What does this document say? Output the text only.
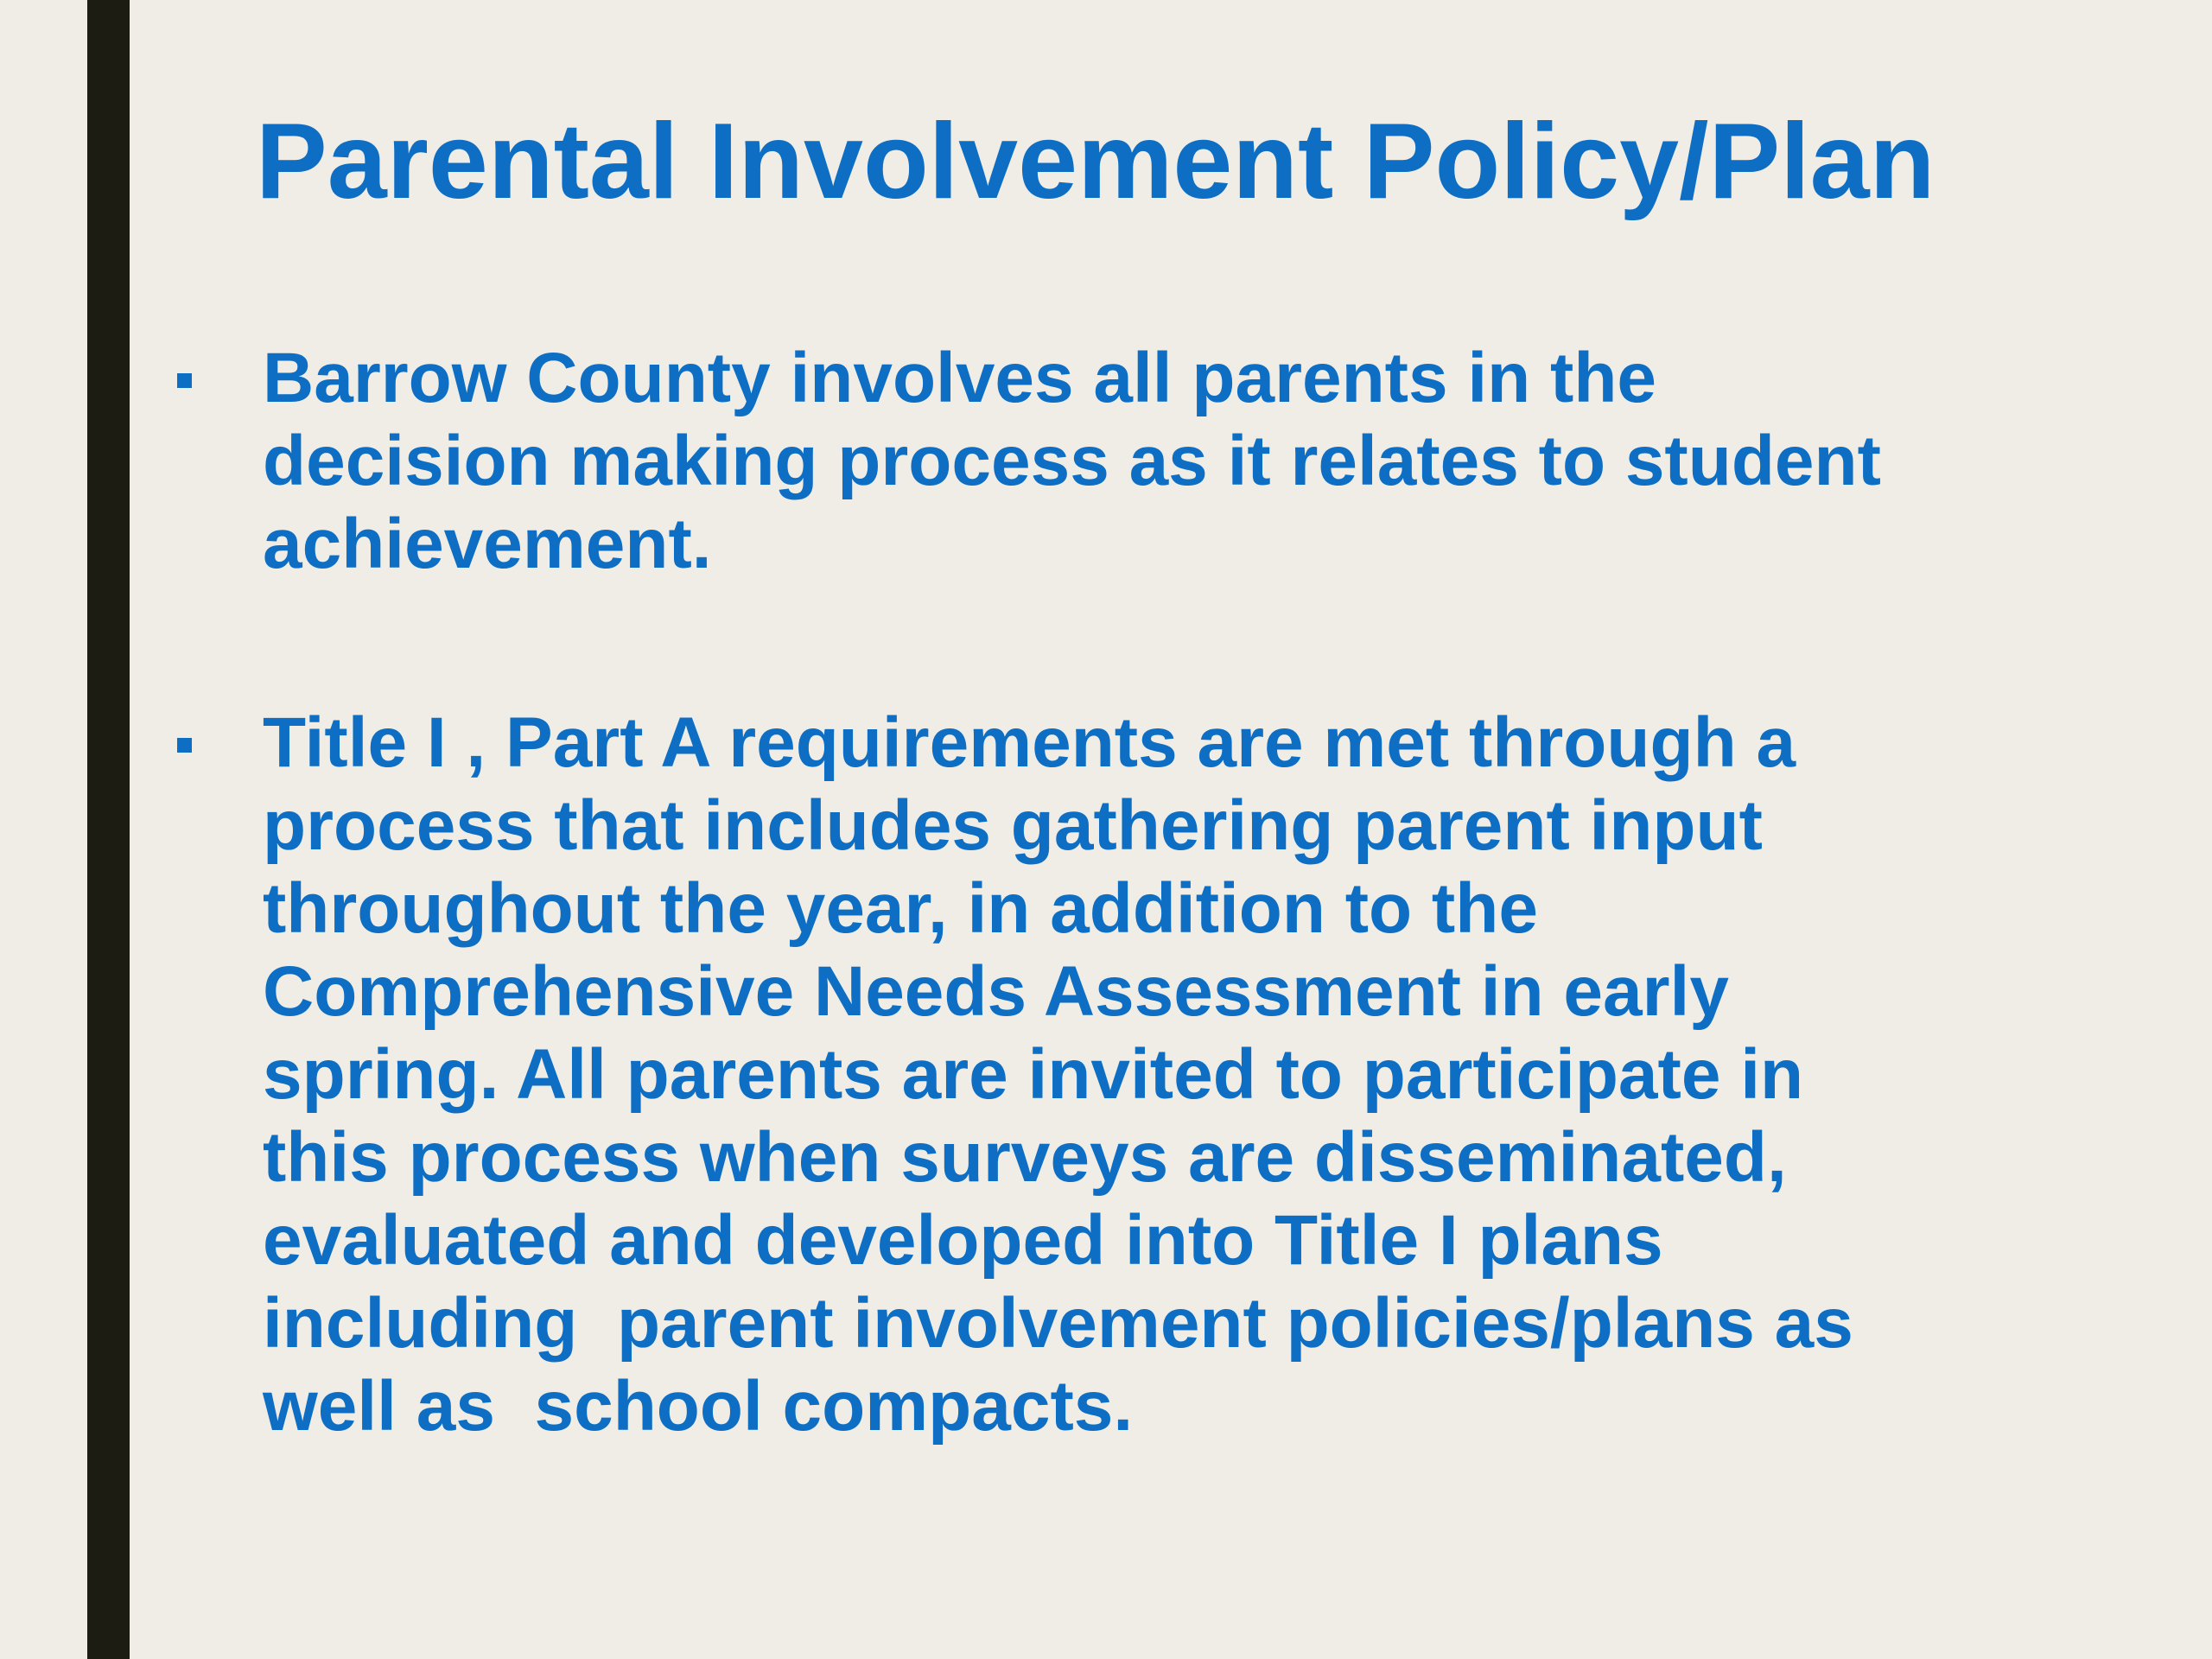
Parental Involvement Policy/Plan

Barrow County involves all parents in the
decision making process as it relates to student
achievement.

Title I , Part A requirements are met through a
process that includes gathering parent input
throughout the year, in addition to the
Comprehensive Needs Assessment in early
spring. All parents are invited to participate in
this process when surveys are disseminated,
evaluated and developed into Title I plans
including  parent involvement policies/plans as
well as  school compacts.
